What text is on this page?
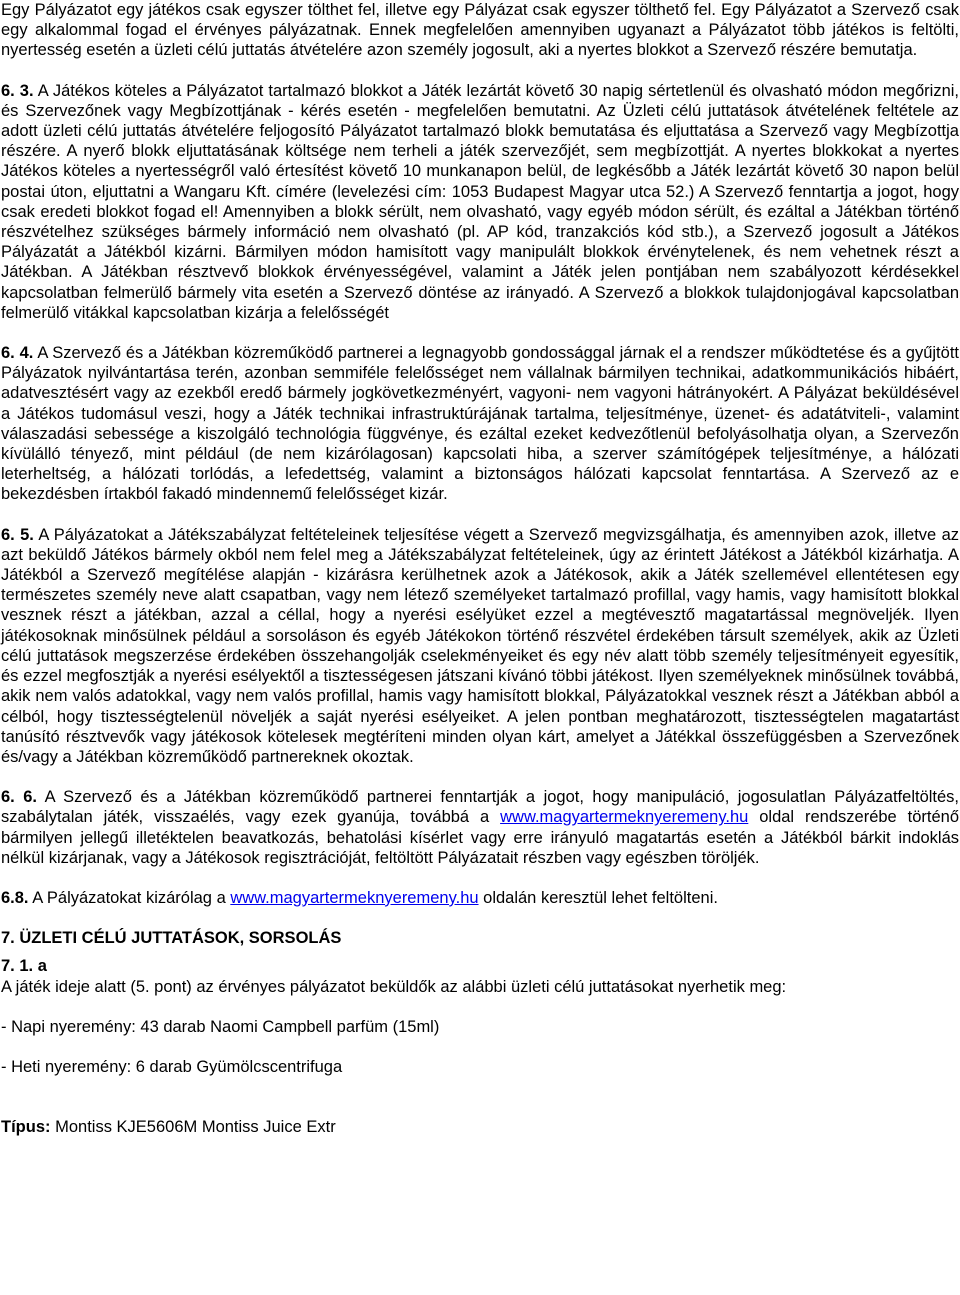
Egy Pályázatot egy játékos csak egyszer tölthet fel, illetve egy Pályázat csak egyszer tölthető fel. Egy Pályázatot a Szervező csak egy alkalommal fogad el érvényes pályázatnak. Ennek megfelelően amennyiben ugyanazt a Pályázatot több játékos is feltölti, nyertesség esetén a üzleti célú juttatás átvételére azon személy jogosult, aki a nyertes blokkot a Szervező részére bemutatja.

6. 3. A Játékos köteles a Pályázatot tartalmazó blokkot a Játék lezártát követő 30 napig sértetlenül és olvasható módon megőrizni, és Szervezőnek vagy Megbízottjának - kérés esetén - megfelelően bemutatni. Az Üzleti célú juttatások átvételének feltétele az adott üzleti célú juttatás átvételére feljogosító Pályázatot tartalmazó blokk bemutatása és eljuttatása a Szervező vagy Megbízottja részére. A nyerő blokk eljuttatásának költsége nem terheli a játék szervezőjét, sem megbízottját. A nyertes blokkokat a nyertes Játékos köteles a nyertességről való értesítést követő 10 munkanapon belül, de legkésőbb a Játék lezártát követő 30 napon belül postai úton, eljuttatni a Wangaru Kft. címére (levelezési cím: 1053 Budapest Magyar utca 52.) A Szervező fenntartja a jogot, hogy csak eredeti blokkot fogad el! Amennyiben a blokk sérült, nem olvasható, vagy egyéb módon sérült, és ezáltal a Játékban történő részvételhez szükséges bármely információ nem olvasható (pl. AP kód, tranzakciós kód stb.), a Szervező jogosult a Játékos Pályázatát a Játékból kizárni. Bármilyen módon hamisított vagy manipulált blokkok érvénytelenek, és nem vehetnek részt a Játékban. A Játékban résztvevő blokkok érvényességével, valamint a Játék jelen pontjában nem szabályozott kérdésekkel kapcsolatban felmerülő bármely vita esetén a Szervező döntése az irányadó. A Szervező a blokkok tulajdonjogával kapcsolatban felmerülő vitákkal kapcsolatban kizárja a felelősségét

6. 4. A Szervező és a Játékban közreműködő partnerei a legnagyobb gondossággal járnak el a rendszer működtetése és a gyűjtött Pályázatok nyilvántartása terén, azonban semmiféle felelősséget nem vállalnak bármilyen technikai, adatkommunikációs hibáért, adatvesztésért vagy az ezekből eredő bármely jogkövetkezményért, vagyoni- nem vagyoni hátrányokért. A Pályázat beküldésével a Játékos tudomásul veszi, hogy a Játék technikai infrastruktúrájának tartalma, teljesítménye, üzenet- és adatátviteli-, valamint válaszadási sebessége a kiszolgáló technológia függvénye, és ezáltal ezeket kedvezőtlenül befolyásolhatja olyan, a Szervezőn kívülálló tényező, mint például (de nem kizárólagosan) kapcsolati hiba, a szerver számítógépek teljesítménye, a hálózati leterheltség, a hálózati torlódás, a lefedettség, valamint a biztonságos hálózati kapcsolat fenntartása. A Szervező az e bekezdésben írtakból fakadó mindennemű felelősséget kizár.

6. 5. A Pályázatokat a Játékszabályzat feltételeinek teljesítése végett a Szervező megvizsgálhatja, és amennyiben azok, illetve az azt beküldő Játékos bármely okból nem felel meg a Játékszabályzat feltételeinek, úgy az érintett Játékost a Játékból kizárhatja. A Játékból a Szervező megítélése alapján - kizárásra kerülhetnek azok a Játékosok, akik a Játék szellemével ellentétesen egy természetes személy neve alatt csapatban, vagy nem létező személyeket tartalmazó profillal, vagy hamis, vagy hamisított blokkal vesznek részt a játékban, azzal a céllal, hogy a nyerési esélyüket ezzel a megtévesztő magatartással megnöveljék. Ilyen játékosoknak minősülnek például a sorsoláson és egyéb Játékokon történő részvétel érdekében társult személyek, akik az Üzleti célú juttatások megszerzése érdekében összehangolják cselekményeiket és egy név alatt több személy teljesítményeit egyesítik, és ezzel megfosztják a nyerési esélyektől a tisztességesen játszani kívánó többi játékost. Ilyen személyeknek minősülnek továbbá, akik nem valós adatokkal, vagy nem valós profillal, hamis vagy hamisított blokkal, Pályázatokkal vesznek részt a Játékban abból a célból, hogy tisztességtelenül növeljék a saját nyerési esélyeiket. A jelen pontban meghatározott, tisztességtelen magatartást tanúsító résztvevők vagy játékosok kötelesek megtéríteni minden olyan kárt, amelyet a Játékkal összefüggésben a Szervezőnek és/vagy a Játékban közreműködő partnereknek okoztak.

6. 6. A Szervező és a Játékban közreműködő partnerei fenntartják a jogot, hogy manipuláció, jogosulatlan Pályázatfeltöltés, szabálytalan játék, visszaélés, vagy ezek gyanúja, továbbá a www.magyartermeknyeremeny.hu oldal rendszerébe történő bármilyen jellegű illetéktelen beavatkozás, behatolási kísérlet vagy erre irányuló magatartás esetén a Játékból bárkit indoklás nélkül kizárjanak, vagy a Játékosok regisztrációját, feltöltött Pályázatait részben vagy egészben töröljék.

6.8. A Pályázatokat kizárólag a www.magyartermeknyeremeny.hu oldalán keresztül lehet feltölteni.

7. ÜZLETI CÉLÚ JUTTATÁSOK, SORSOLÁS

7. 1. a

A játék ideje alatt (5. pont) az érvényes pályázatot beküldők az alábbi üzleti célú juttatásokat nyerhetik meg:

- Napi nyeremény: 43 darab Naomi Campbell parfüm (15ml)

- Heti nyeremény: 6 darab Gyümölcscentrifuga

Típus: Montiss KJE5606M Montiss Juice Extr
